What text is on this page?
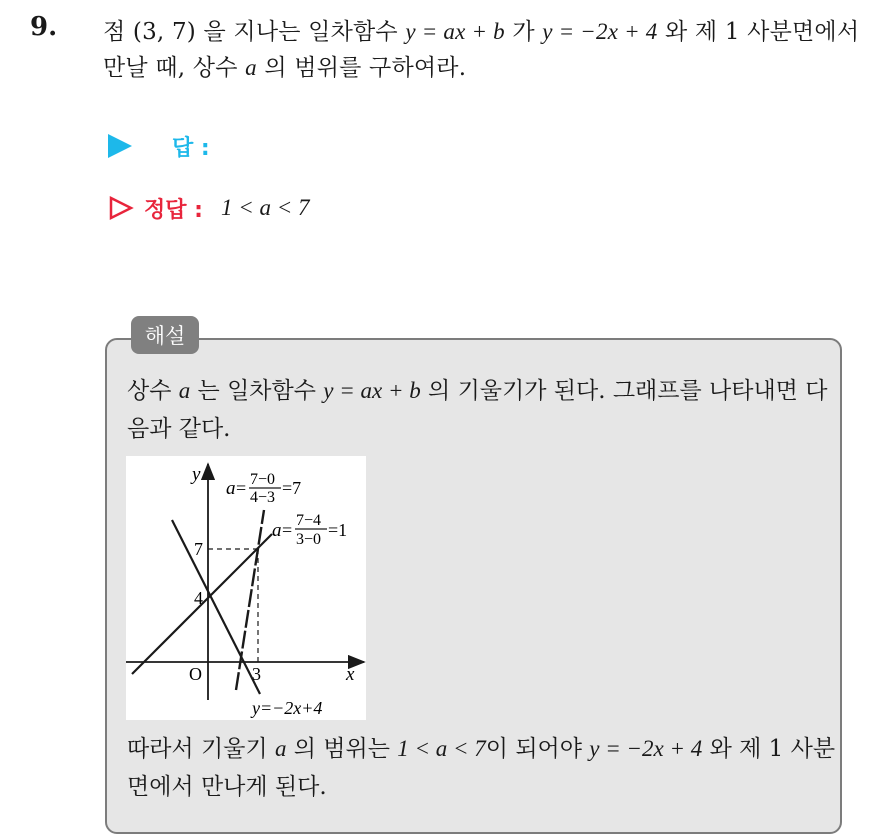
9. 점 (3, 7) 을 지나는 일차함수 y = ax + b 가 y = −2x + 4 와 제 1 사분면에서 만날 때, 상수 a 의 범위를 구하여라.
답 :
정답 : 1 < a < 7
해설
상수 a 는 일차함수 y = ax + b 의 기울기가 된다. 그래프를 나타내면 다음과 같다.
y
x
O
7
4
3
a = 7−0
4−3 =7
a = 7−4
3−0 =1
y=−2x+4
따라서 기울기 a 의 범위는 1 < a < 7이 되어야 y = −2x + 4 와 제 1 사분면에서 만나게 된다.
